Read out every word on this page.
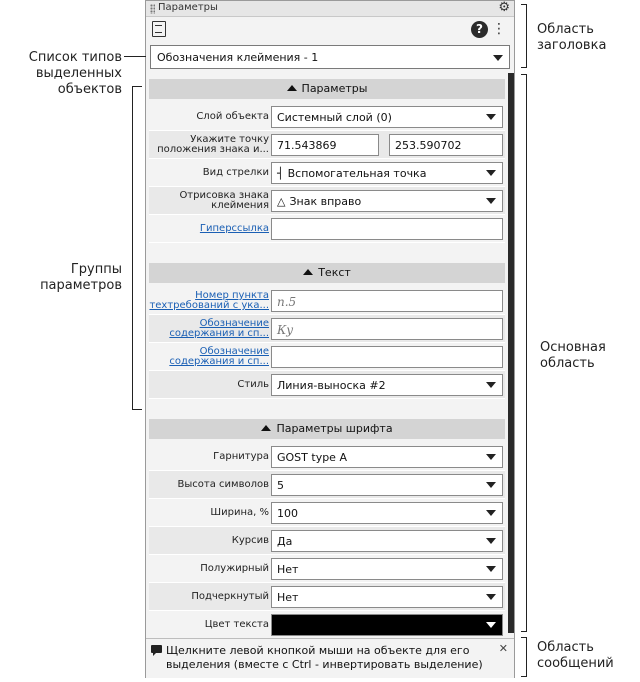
Параметры	⚙
? ⋮
Обозначения клеймения - 1
Параметры
Слой объекта Системный слой (0)
Укажите точку положения знака и... 71.543869	253.590702
Вид стрелки ┤ Вспомогательная точка
Отрисовка знака клеймения △ Знак вправо
Гиперссылка
Текст
Номер пункта техтребований с ука... п.5
Обозначение содержания и сп... Ку
Обозначение содержания и сп...
Стиль Линия-выноска #2
Параметры шрифта
Гарнитура GOST type A
Высота символов 5
Ширина, % 100
Курсив Да
Полужирный Нет
Подчеркнутый Нет
Цвет текста
Щелкните левой кнопкой мыши на объекте для его выделения (вместе с Ctrl - инвертировать выделение)
✕
Область заголовка
Список типов выделенных объектов
Группы параметров
Основная область
Область сообщений
